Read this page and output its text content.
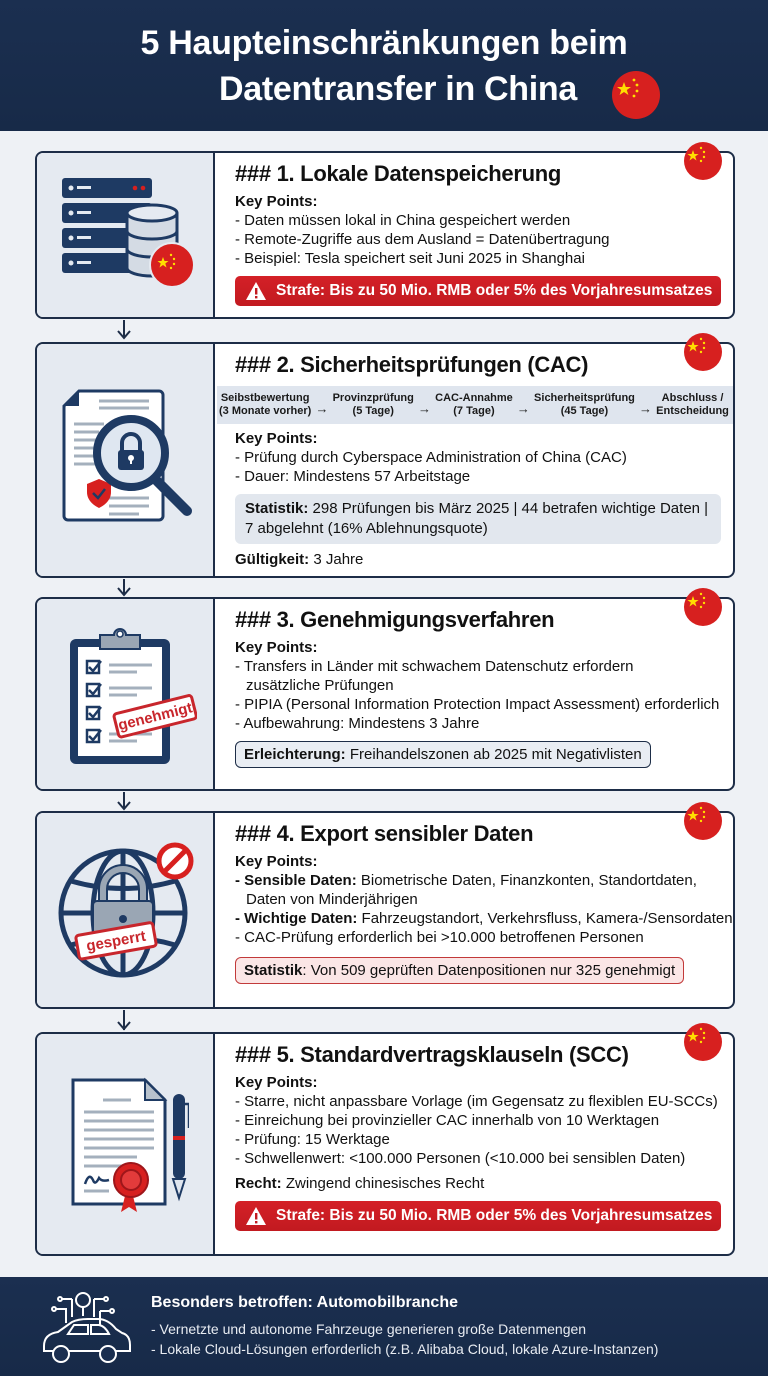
5 Haupteinschränkungen beim
Datentransfer in China
### 1. Lokale Datenspeicherung
Key Points:
- Daten müssen lokal in China gespeichert werden
- Remote-Zugriffe aus dem Ausland = Datenübertragung
- Beispiel: Tesla speichert seit Juni 2025 in Shanghai
Strafe: Bis zu 50 Mio. RMB oder 5% des Vorjahresumsatzes
### 2. Sicherheitsprüfungen (CAC)
Seibstbewertung
(3 Monate vorher) →
Provinzprüfung
(5 Tage)	→
CAC-Annahme
(7 Tage)	→
Sicherheitsprüfung
(45 Tage)	→
Abschluss /
Entscheidung
Key Points:
- Prüfung durch Cyberspace Administration of China (CAC)
- Dauer: Mindestens 57 Arbeitstage
Statistik: 298 Prüfungen bis März 2025 | 44 betrafen wichtige Daten | 7 abgelehnt (16% Ablehnungsquote)
Gültigkeit: 3 Jahre
genehmigt
### 3. Genehmigungsverfahren
Key Points:
- Transfers in Länder mit schwachem Datenschutz erfordern
zusätzliche Prüfungen
- PIPIA (Personal Information Protection Impact Assessment) erforderlich
- Aufbewahrung: Mindestens 3 Jahre
Erleichterung: Freihandelszonen ab 2025 mit Negativlisten
gesperrt
### 4. Export sensibler Daten
Key Points:
- Sensible Daten: Biometrische Daten, Finanzkonten, Standortdaten,
Daten von Minderjährigen
- Wichtige Daten: Fahrzeugstandort, Verkehrsfluss, Kamera-/Sensordaten
- CAC-Prüfung erforderlich bei >10.000 betroffenen Personen
Statistik: Von 509 geprüften Datenpositionen nur 325 genehmigt
### 5. Standardvertragsklauseln (SCC)
Key Points:
- Starre, nicht anpassbare Vorlage (im Gegensatz zu flexiblen EU-SCCs)
- Einreichung bei provinzieller CAC innerhalb von 10 Werktagen
- Prüfung: 15 Werktage
- Schwellenwert: <100.000 Personen (<10.000 bei sensiblen Daten)
Recht: Zwingend chinesisches Recht
Strafe: Bis zu 50 Mio. RMB oder 5% des Vorjahresumsatzes
Besonders betroffen: Automobilbranche
- Vernetzte und autonome Fahrzeuge generieren große Datenmengen
- Lokale Cloud-Lösungen erforderlich (z.B. Alibaba Cloud, lokale Azure-Instanzen)
